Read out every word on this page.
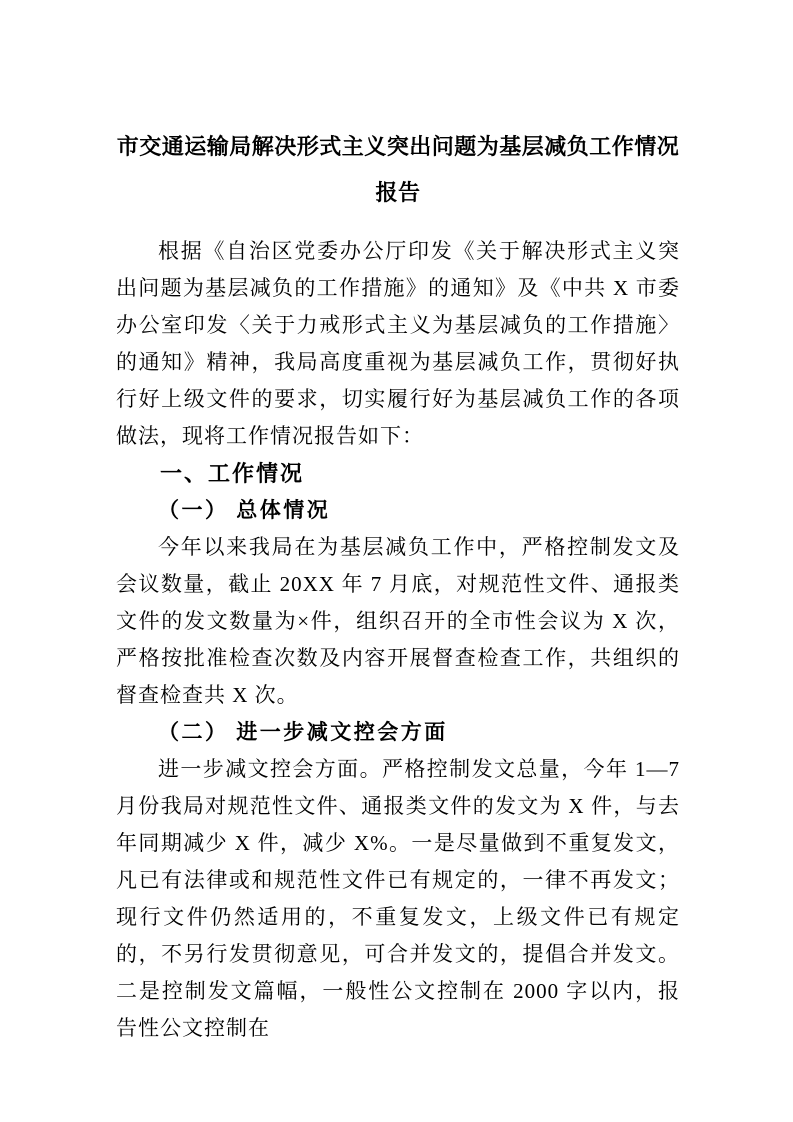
市交通运输局解决形式主义突出问题为基层减负工作情况报告

根据《自治区党委办公厅印发《关于解决形式主义突出问题为基层减负的工作措施》的通知》及《中共 X 市委办公室印发〈关于力戒形式主义为基层减负的工作措施〉的通知》精神，我局高度重视为基层减负工作，贯彻好执行好上级文件的要求，切实履行好为基层减负工作的各项做法，现将工作情况报告如下：

一、工作情况
（一） 总体情况

今年以来我局在为基层减负工作中，严格控制发文及会议数量，截止 20XX 年 7 月底，对规范性文件、通报类文件的发文数量为×件，组织召开的全市性会议为 X 次，严格按批准检查次数及内容开展督查检查工作，共组织的督查检查共 X 次。

（二） 进一步减文控会方面

进一步减文控会方面。严格控制发文总量，今年 1—7 月份我局对规范性文件、通报类文件的发文为 X 件，与去年同期减少 X 件，减少 X%。一是尽量做到不重复发文，凡已有法律或和规范性文件已有规定的，一律不再发文；现行文件仍然适用的，不重复发文，上级文件已有规定的，不另行发贯彻意见，可合并发文的，提倡合并发文。二是控制发文篇幅，一般性公文控制在 2000 字以内，报告性公文控制在
